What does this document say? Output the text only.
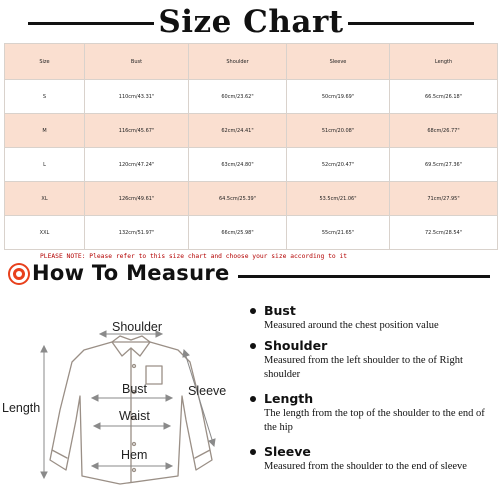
Size Chart
Size	Bust	Shoulder	Sleeve	Length
S	110cm/43.31"	60cm/23.62"	50cm/19.69"	66.5cm/26.18"
M	116cm/45.67"	62cm/24.41"	51cm/20.08"	68cm/26.77"
L	120cm/47.24"	63cm/24.80"	52cm/20.47"	69.5cm/27.36"
XL	126cm/49.61"	64.5cm/25.39"	53.5cm/21.06"	71cm/27.95"
XXL	132cm/51.97"	66cm/25.98"	55cm/21.65"	72.5cm/28.54"
PLEASE NOTE: Please refer to this size chart and choose your size according to it
How To Measure
Shoulder
Bust
Waist
Hem
Sleeve
Length
Bust
Measured around the chest position value
Shoulder
Measured from the left shoulder to the of Right shoulder
Length
The length from the top of the shoulder to the end of the hip
Sleeve
Measured from the shoulder to the end of sleeve
